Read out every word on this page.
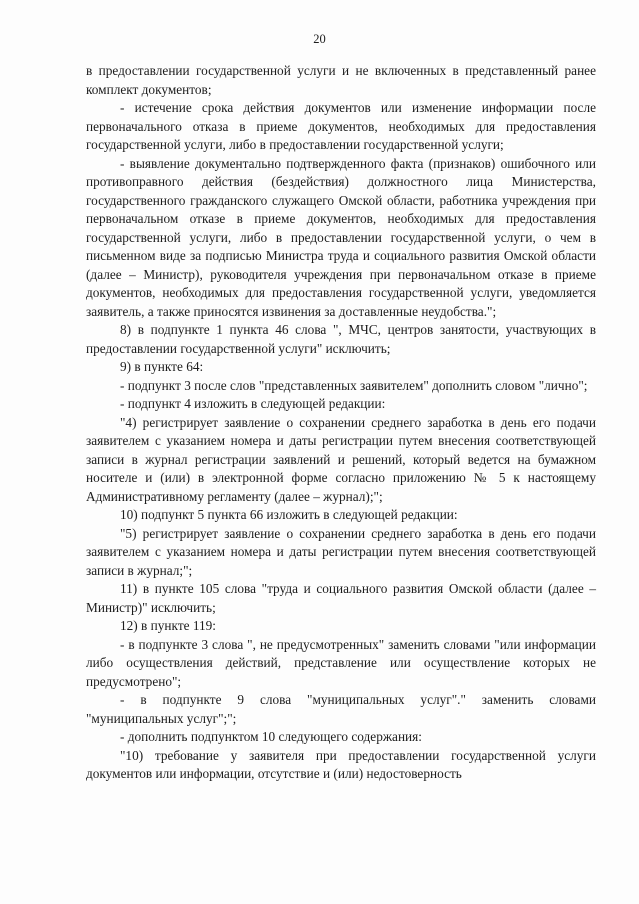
20

в предоставлении государственной услуги и не включенных в представленный ранее комплект документов;

- истечение срока действия документов или изменение информации после первоначального отказа в приеме документов, необходимых для предоставления государственной услуги, либо в предоставлении государственной услуги;

- выявление документально подтвержденного факта (признаков) ошибочного или противоправного действия (бездействия) должностного лица Министерства, государственного гражданского служащего Омской области, работника учреждения при первоначальном отказе в приеме документов, необходимых для предоставления государственной услуги, либо в предоставлении государственной услуги, о чем в письменном виде за подписью Министра труда и социального развития Омской области (далее – Министр), руководителя учреждения при первоначальном отказе в приеме документов, необходимых для предоставления государственной услуги, уведомляется заявитель, а также приносятся извинения за доставленные неудобства.";

8) в подпункте 1 пункта 46 слова ", МЧС, центров занятости, участвующих в предоставлении государственной услуги" исключить;

9) в пункте 64:

- подпункт 3 после слов "представленных заявителем" дополнить словом "лично";

- подпункт 4 изложить в следующей редакции:

"4) регистрирует заявление о сохранении среднего заработка в день его подачи заявителем с указанием номера и даты регистрации путем внесения соответствующей записи в журнал регистрации заявлений и решений, который ведется на бумажном носителе и (или) в электронной форме согласно приложению № 5 к настоящему Административному регламенту (далее – журнал);";

10) подпункт 5 пункта 66 изложить в следующей редакции:

"5) регистрирует заявление о сохранении среднего заработка в день его подачи заявителем с указанием номера и даты регистрации путем внесения соответствующей записи в журнал;";

11) в пункте 105 слова "труда и социального развития Омской области (далее – Министр)" исключить;

12) в пункте 119:

- в подпункте 3 слова ", не предусмотренных" заменить словами "или информации либо осуществления действий, представление или осуществление которых не предусмотрено";

- в подпункте 9 слова "муниципальных услуг"." заменить словами "муниципальных услуг";";

- дополнить подпунктом 10 следующего содержания:

"10) требование у заявителя при предоставлении государственной услуги документов или информации, отсутствие и (или) недостоверность
